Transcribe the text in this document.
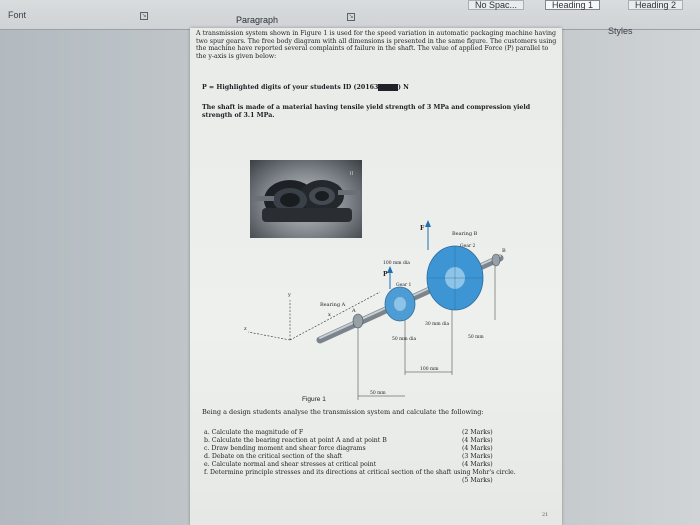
Font	↘	↘
No Spac...	Heading 1	Heading 2
Styles
Paragraph
A transmission system shown in Figure 1 is used for the speed variation in automatic packaging machine having two spur gears. The free body diagram with all dimensions is presented in the same figure. The customers using the machine have reported several complaints of failure in the shaft. The value of applied Force (P) parallel to the y-axis is given below:
P = Highlighted digits of your students ID (201633731) N
The shaft is made of a material having tensile yield strength of 3 MPa and compression yield strength of 3.1 MPa.
II
Bearing B
Gear 2
Gear 1
Bearing A
100 mm dia
30 mm dia
50 mm dia	50 mm
100 mm
50 mm
F
P
A
B
x
y
z
Figure 1
Being a design students analyse the transmission system and calculate the following:
a. Calculate the magnitude of F	(2 Marks)
b. Calculate the bearing reaction at point A and at point B	(4 Marks)
c. Draw bending moment and shear force diagrams	(4 Marks)
d. Debate on the critical section of the shaft	(3 Marks)
e. Calculate normal and shear stresses at critical point	(4 Marks)
f. Determine principle stresses and its directions at critical section of the shaft using Mohr's circle.
(5 Marks)
21
